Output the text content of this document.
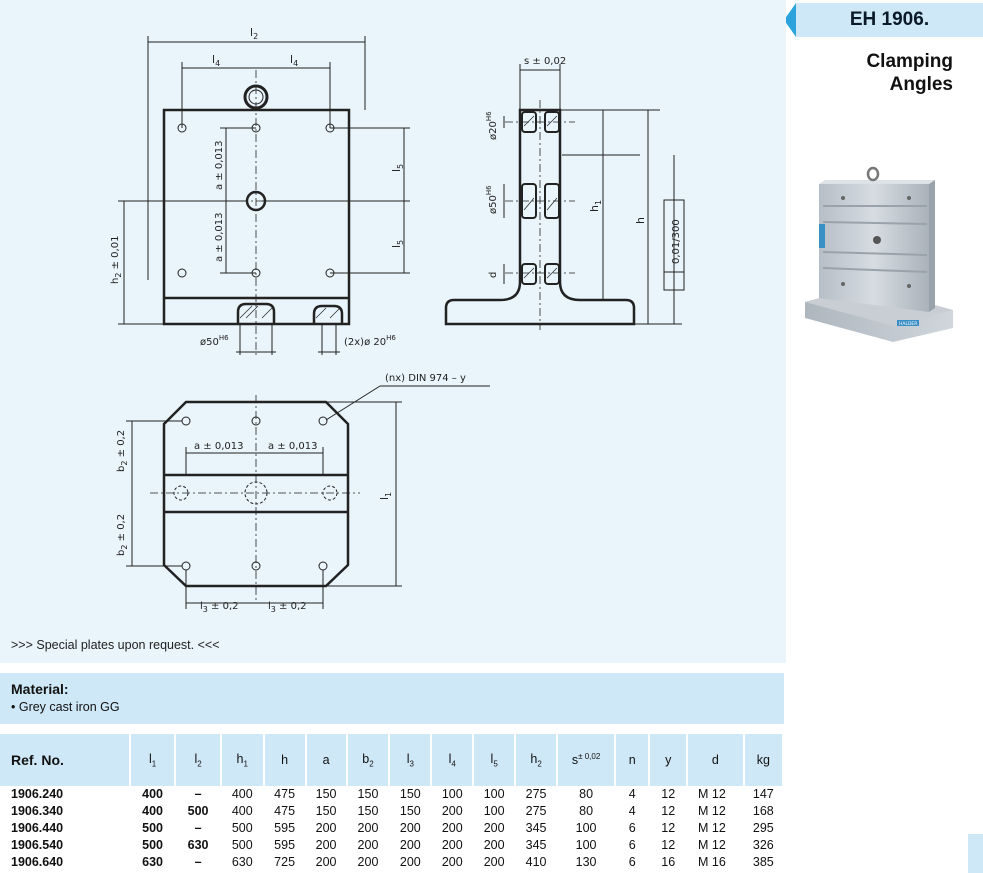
EH 1906.
Clamping
Angles
HALDER
$l_2$
$l_4$	$l_4$
$l_5$
$l_5$
a ± 0,013
a ± 0,013
$h_2 \pm 0,01$
$ø50^{H6}$	(2x)ø $20^{H6}$
s ± 0,02
$ø20^{H6}$
$ø50^{H6}$
d
$h_1$
h 0,01/300
(nx) DIN 974 – y
a ± 0,013 a ± 0,013
$b_2 \pm 0,2$
$b_2 \pm 0,2$
$l_1$
$l_3 \pm 0,2$	$l_3 \pm 0,2$
>>> Special plates upon request. <<<
Material:
• Grey cast iron GG
Ref. No.	$l_1$	$l_2$	$h_1$	h	a	$b_2$	$l_3$	$l_4$	$l_5$	$h_2$	$s^{\pm 0,02}$	n	y	d	kg
1906.240	400	–	400	475	150	150	150	100	100	275	80	4	12	M 12	147
1906.340	400	500	400	475	150	150	150	200	100	275	80	4	12	M 12	168
1906.440	500	–	500	595	200	200	200	200	200	345	100	6	12	M 12	295
1906.540	500	630	500	595	200	200	200	200	200	345	100	6	12	M 12	326
1906.640	630	–	630	725	200	200	200	200	200	410	130	6	16	M 16	385
